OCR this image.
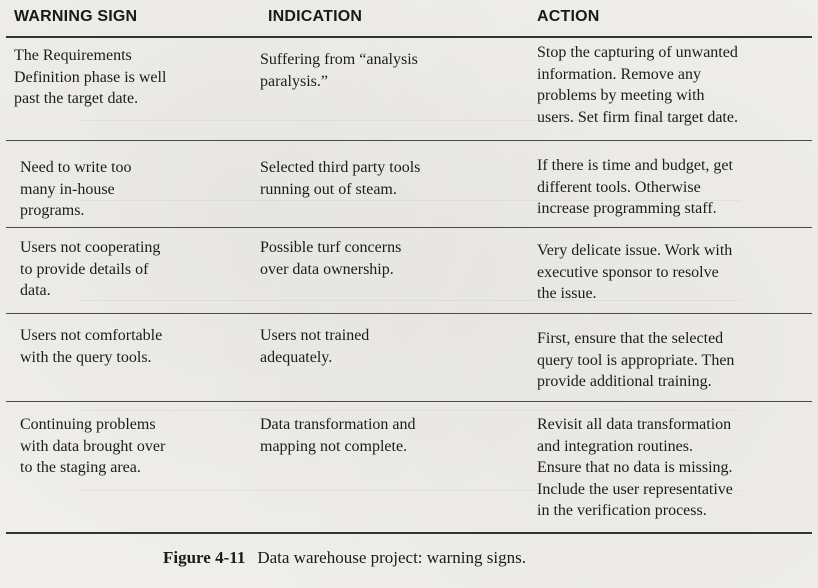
WARNING SIGN	INDICATION	ACTION
The Requirements
Definition phase is well
past the target date.
Suffering from “analysis
paralysis.”
Stop the capturing of unwanted
information. Remove any
problems by meeting with
users. Set firm final target date.
Need to write too
many in-house
programs.
Selected third party tools
running out of steam.
If there is time and budget, get
different tools. Otherwise
increase programming staff.
Users not cooperating
to provide details of
data.
Possible turf concerns
over data ownership.
Very delicate issue. Work with
executive sponsor to resolve
the issue.
Users not comfortable
with the query tools.
Users not trained
adequately.
First, ensure that the selected
query tool is appropriate. Then
provide additional training.
Continuing problems
with data brought over
to the staging area.
Data transformation and
mapping not complete.
Revisit all data transformation
and integration routines.
Ensure that no data is missing.
Include the user representative
in the verification process.
Figure 4-11 Data warehouse project: warning signs.
